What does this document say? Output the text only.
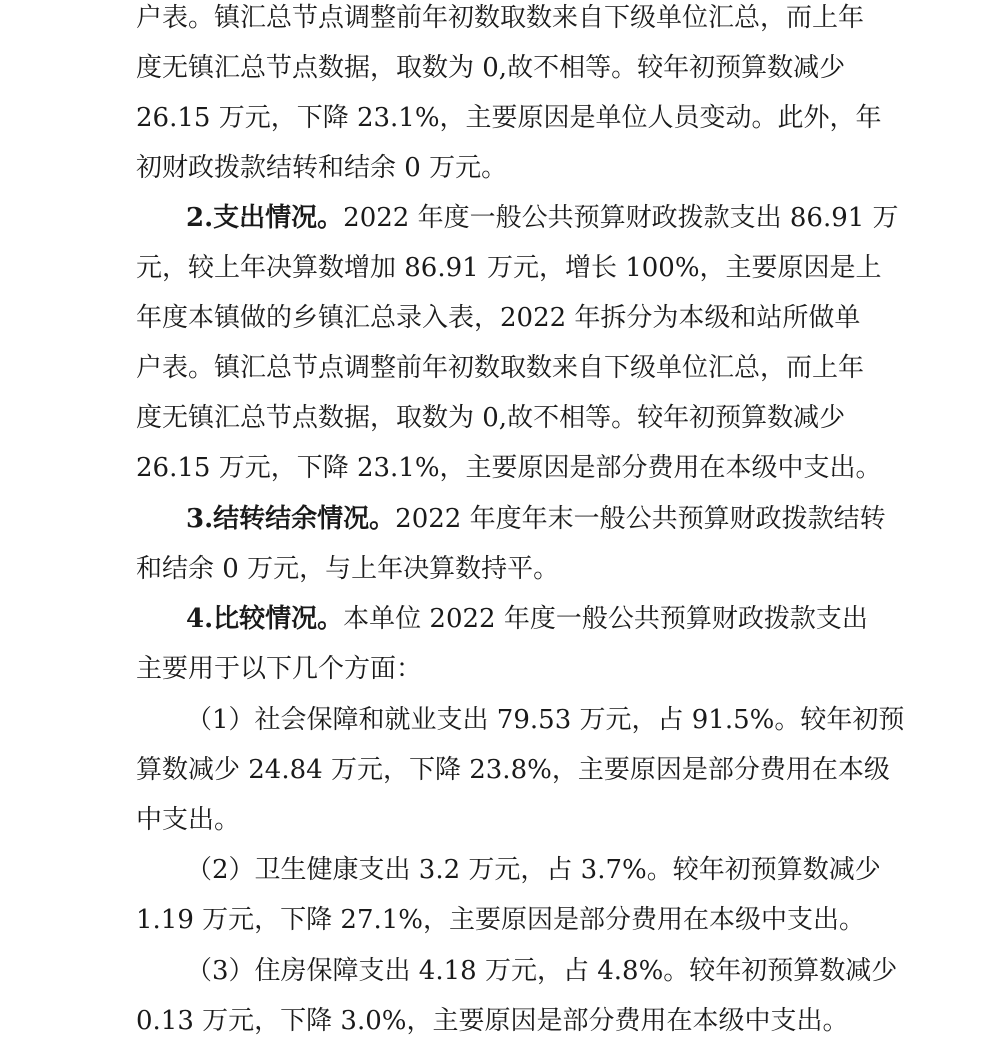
户表。镇汇总节点调整前年初数取数来自下级单位汇总，而上年
度无镇汇总节点数据，取数为 0,故不相等。较年初预算数减少
26.15 万元，下降 23.1%，主要原因是单位人员变动。此外，年
初财政拨款结转和结余 0 万元。
2.支出情况。2022 年度一般公共预算财政拨款支出 86.91 万
元，较上年决算数增加 86.91 万元，增长 100%，主要原因是上
年度本镇做的乡镇汇总录入表，2022 年拆分为本级和站所做单
户表。镇汇总节点调整前年初数取数来自下级单位汇总，而上年
度无镇汇总节点数据，取数为 0,故不相等。较年初预算数减少
26.15 万元，下降 23.1%，主要原因是部分费用在本级中支出。
3.结转结余情况。2022 年度年末一般公共预算财政拨款结转
和结余 0 万元，与上年决算数持平。
4.比较情况。本单位 2022 年度一般公共预算财政拨款支出
主要用于以下几个方面：
（1）社会保障和就业支出 79.53 万元，占 91.5%。较年初预
算数减少 24.84 万元，下降 23.8%，主要原因是部分费用在本级
中支出。
（2）卫生健康支出 3.2 万元，占 3.7%。较年初预算数减少
1.19 万元，下降 27.1%，主要原因是部分费用在本级中支出。
（3）住房保障支出 4.18 万元，占 4.8%。较年初预算数减少
0.13 万元，下降 3.0%，主要原因是部分费用在本级中支出。
